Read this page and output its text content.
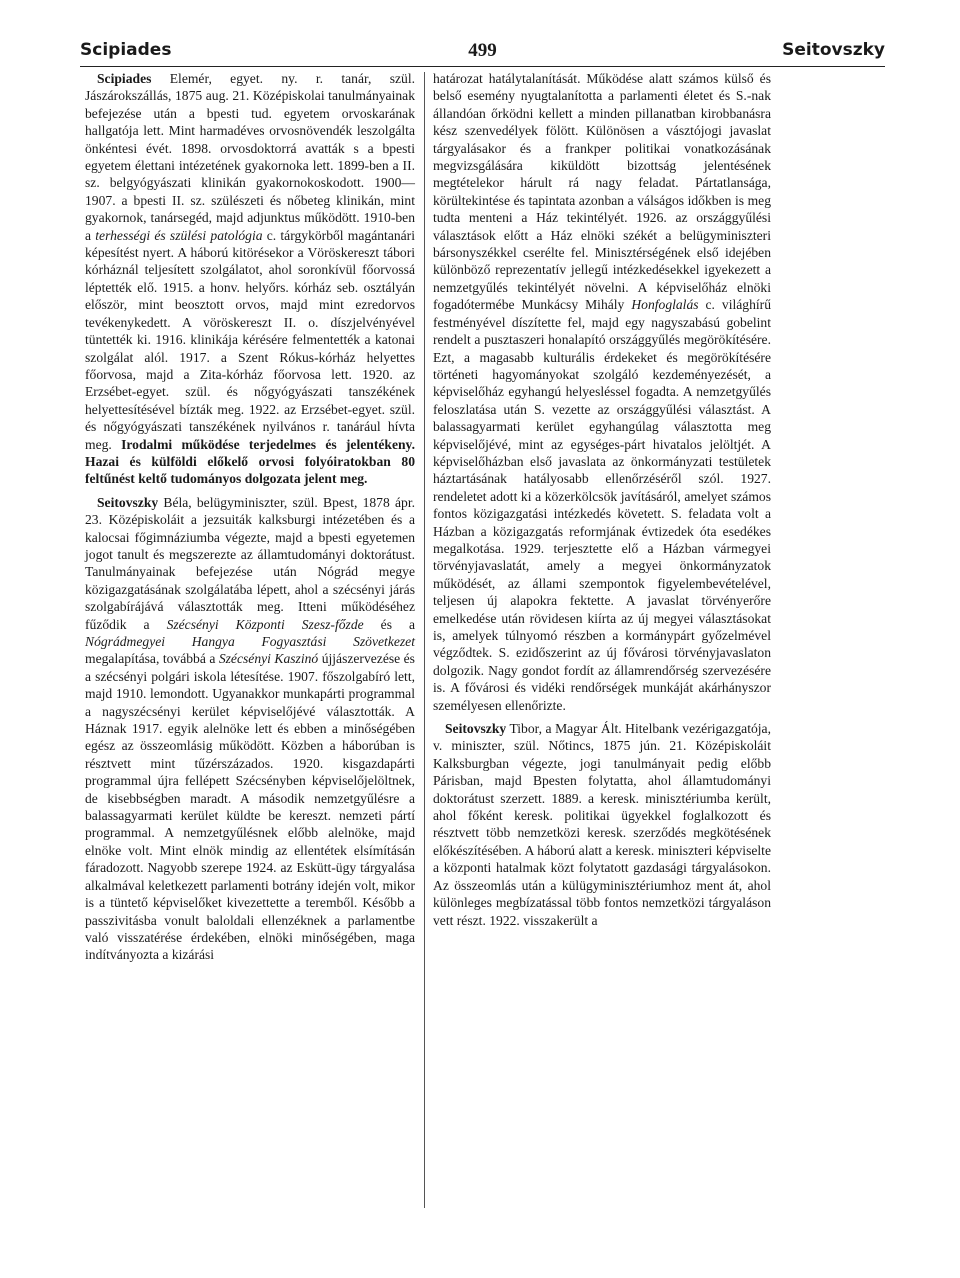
Scipiades	499	Seitovszky

Scipiades Elemér, egyet. ny. r. tanár, szül. Jászárokszállás, 1875 aug. 21. Középiskolai tanulmányainak befejezése után a bpesti tud. egyetem orvoskarának hallgatója lett. Mint harmadéves orvosnövendék leszolgálta önkéntesi évét. 1898. orvosdoktorrá avatták s a bpesti egyetem élettani intézetének gyakornoka lett. 1899-ben a II. sz. belgyógyászati klinikán gyakornokoskodott. 1900—1907. a bpesti II. sz. szülészeti és nőbeteg klinikán, mint gyakornok, tanársegéd, majd adjunktus működött. 1910-ben a terhességi és szülési patológia c. tárgykörből magántanári képesítést nyert. A háború kitörésekor a Vöröskereszt tábori kórháznál teljesített szolgálatot, ahol soronkívül főorvossá léptették elő. 1915. a honv. helyőrs. kórház seb. osztályán először, mint beosztott orvos, majd mint ezredorvos tevékenykedett. A vöröskereszt II. o. díszjelvényével tüntették ki. 1916. klinikája kérésére felmentették a katonai szolgálat alól. 1917. a Szent Rókus-kórház helyettes főorvosa, majd a Zita-kórház főorvosa lett. 1920. az Erzsébet-egyet. szül. és nőgyógyászati tanszékének helyettesítésével bízták meg. 1922. az Erzsébet-egyet. szül. és nőgyógyászati tanszékének nyilvános r. tanárául hívta meg. Irodalmi működése terjedelmes és jelentékeny. Hazai és külföldi előkelő orvosi folyóiratokban 80 feltűnést keltő tudományos dolgozata jelent meg.

Seitovszky Béla, belügyminiszter, szül. Bpest, 1878 ápr. 23. Középiskoláit a jezsuiták kalksburgi intézetében és a kalocsai főgimnáziumba végezte, majd a bpesti egyetemen jogot tanult és megszerezte az államtudományi doktorátust. Tanulmányainak befejezése után Nógrád megye közigazgatásának szolgálatába lépett, ahol a szécsényi járás szolgabírájává választották meg. Itteni működéséhez fűződik a Szécsényi Központi Szesz-főzde és a Nógrádmegyei Hangya Fogyasztási Szövetkezet megalapítása, továbbá a Szécsényi Kaszinó újjászervezése és a szécsényi polgári iskola létesítése. 1907. főszolgabíró lett, majd 1910. lemondott. Ugyanakkor munkapárti programmal a nagyszécsényi kerület képviselőjévé választották. A Háznak 1917. egyik alelnöke lett és ebben a minőségében egész az összeomlásig működött. Közben a háborúban is résztvett mint tűzérszázados. 1920. kisgazdapárti programmal újra fellépett Szécsényben képviselőjelöltnek, de kisebbségben maradt. A második nemzetgyűlésre a balassagyarmati kerület küldte be kereszt. nemzeti pártí programmal. A nemzetgyűlésnek előbb alelnöke, majd elnöke volt. Mint elnök mindig az ellentétek elsímításán fáradozott. Nagyobb szerepe 1924. az Eskütt-ügy tárgyalása alkalmával keletkezett parlamenti botrány idején volt, mikor is a tüntető képviselőket kivezettette a teremből. Később a passzivitásba vonult baloldali ellenzéknek a parlamentbe való visszatérése érdekében, elnöki minőségében, maga indítványozta a kizárási

határozat hatálytalanítását. Működése alatt számos külső és belső esemény nyugtalanította a parlamenti életet és S.-nak állandóan őrködni kellett a minden pillanatban kirobbanásra kész szenvedélyek fölött. Különösen a vásztójogi javaslat tárgyalásakor és a frankper politikai vonatkozásának megvizsgálására kiküldött bizottság jelentésének megtételekor hárult rá nagy feladat. Pártatlansága, körültekintése és tapintata azonban a válságos időkben is meg tudta menteni a Ház tekintélyét. 1926. az országgyűlési választások előtt a Ház elnöki székét a belügyminiszteri bársonyszékkel cserélte fel. Minisztérségének első idejében különböző reprezentatív jellegű intézkedésekkel igyekezett a nemzetgyűlés tekintélyét növelni. A képviselőház elnöki fogadótermébe Munkácsy Mihály Honfoglalás c. világhírű festményével díszítette fel, majd egy nagyszabású gobelint rendelt a pusztaszeri honalapító országgyűlés megörökítésére. Ezt, a magasabb kulturális érdekeket és megörökítésére történeti hagyományokat szolgáló kezdeményezését, a képviselőház egyhangú helyesléssel fogadta. A nemzetgyűlés feloszlatása után S. vezette az országgyűlési választást. A balassagyarmati kerület egyhangúlag választotta meg képviselőjévé, mint az egységes-párt hivatalos jelöltjét. A képviselőházban első javaslata az önkormányzati testületek háztartásának hatályosabb ellenőrzéséről szól. 1927. rendeletet adott ki a közerkölcsök javításáról, amelyet számos fontos közigazgatási intézkedés követett. S. feladata volt a Házban a közigazgatás reformjának évtizedek óta esedékes megalkotása. 1929. terjesztette elő a Házban vármegyei törvényjavaslatát, amely a megyei önkormányzatok működését, az állami szempontok figyelembevételével, teljesen új alapokra fektette. A javaslat törvényerőre emelkedése után rövidesen kiírta az új megyei választásokat is, amelyek túlnyomó részben a kormánypárt győzelmével végződtek. S. ezidőszerint az új fővárosi törvényjavaslaton dolgozik. Nagy gondot fordít az államrendőrség szervezésére is. A fővárosi és vidéki rendőrségek munkáját akárhányszor személyesen ellenőrizte.

Seitovszky Tibor, a Magyar Ált. Hitelbank vezérigazgatója, v. miniszter, szül. Nőtincs, 1875 jún. 21. Középiskoláit Kalksburgban végezte, jogi tanulmányait pedig előbb Párisban, majd Bpesten folytatta, ahol államtudományi doktorátust szerzett. 1889. a keresk. minisztériumba került, ahol főként keresk. politikai ügyekkel foglalkozott és résztvett több nemzetközi keresk. szerződés megkötésének előkészítésében. A háború alatt a keresk. miniszteri képviselte a központi hatalmak közt folytatott gazdasági tárgyalásokon. Az összeomlás után a külügyminisztériumhoz ment át, ahol különleges megbízatással több fontos nemzetközi tárgyaláson vett részt. 1922. visszakerült a
